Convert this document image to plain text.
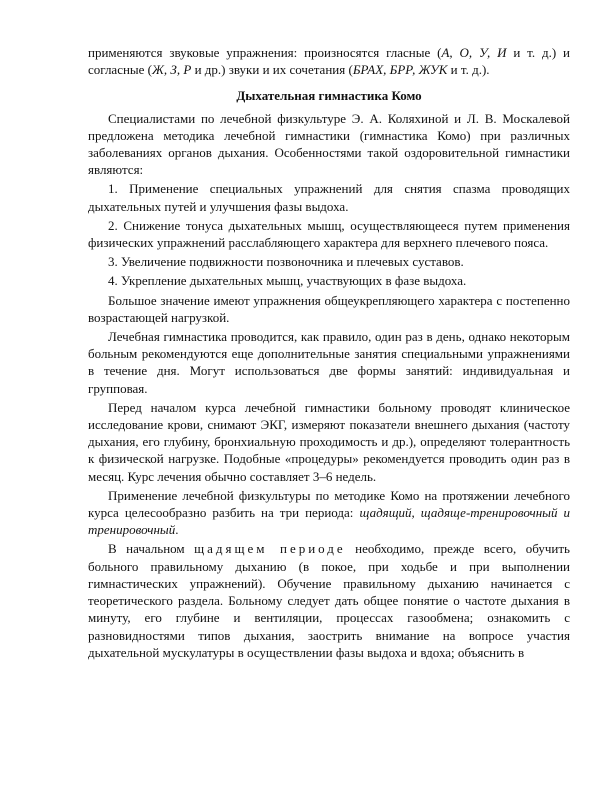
применяются звуковые упражнения: произносятся гласные (А, О, У, И и т. д.) и согласные (Ж, З, Р и др.) звуки и их сочетания (БРАХ, БРР, ЖУК и т. д.).

Дыхательная гимнастика Комо

Специалистами по лечебной физкультуре Э. А. Коляхиной и Л. В. Москалевой предложена методика лечебной гимнастики (гимнастика Комо) при различных заболеваниях органов дыхания. Особенностями такой оздоровительной гимнастики являются:

1. Применение специальных упражнений для снятия спазма проводящих дыхательных путей и улучшения фазы выдоха.

2. Снижение тонуса дыхательных мышц, осуществляющееся путем применения физических упражнений расслабляющего характера для верхнего плечевого пояса.

3. Увеличение подвижности позвоночника и плечевых суставов.

4. Укрепление дыхательных мышц, участвующих в фазе выдоха.

Большое значение имеют упражнения общеукрепляющего характера с постепенно возрастающей нагрузкой.

Лечебная гимнастика проводится, как правило, один раз в день, однако некоторым больным рекомендуются еще дополнительные занятия специальными упражнениями в течение дня. Могут использоваться две формы занятий: индивидуальная и групповая.

Перед началом курса лечебной гимнастики больному проводят клиническое исследование крови, снимают ЭКГ, измеряют показатели внешнего дыхания (частоту дыхания, его глубину, бронхиальную проходимость и др.), определяют толерантность к физической нагрузке. Подобные «процедуры» рекомендуется проводить один раз в месяц. Курс лечения обычно составляет 3–6 недель.

Применение лечебной физкультуры по методике Комо на протяжении лечебного курса целесообразно разбить на три периода: щадящий, щадяще-тренировочный и тренировочный.

В начальном щадящем периоде необходимо, прежде всего, обучить больного правильному дыханию (в покое, при ходьбе и при выполнении гимнастических упражнений). Обучение правильному дыханию начинается с теоретического раздела. Больному следует дать общее понятие о частоте дыхания в минуту, его глубине и вентиляции, процессах газообмена; ознакомить с разновидностями типов дыхания, заострить внимание на вопросе участия дыхательной мускулатуры в осуществлении фазы выдоха и вдоха; объяснить в
